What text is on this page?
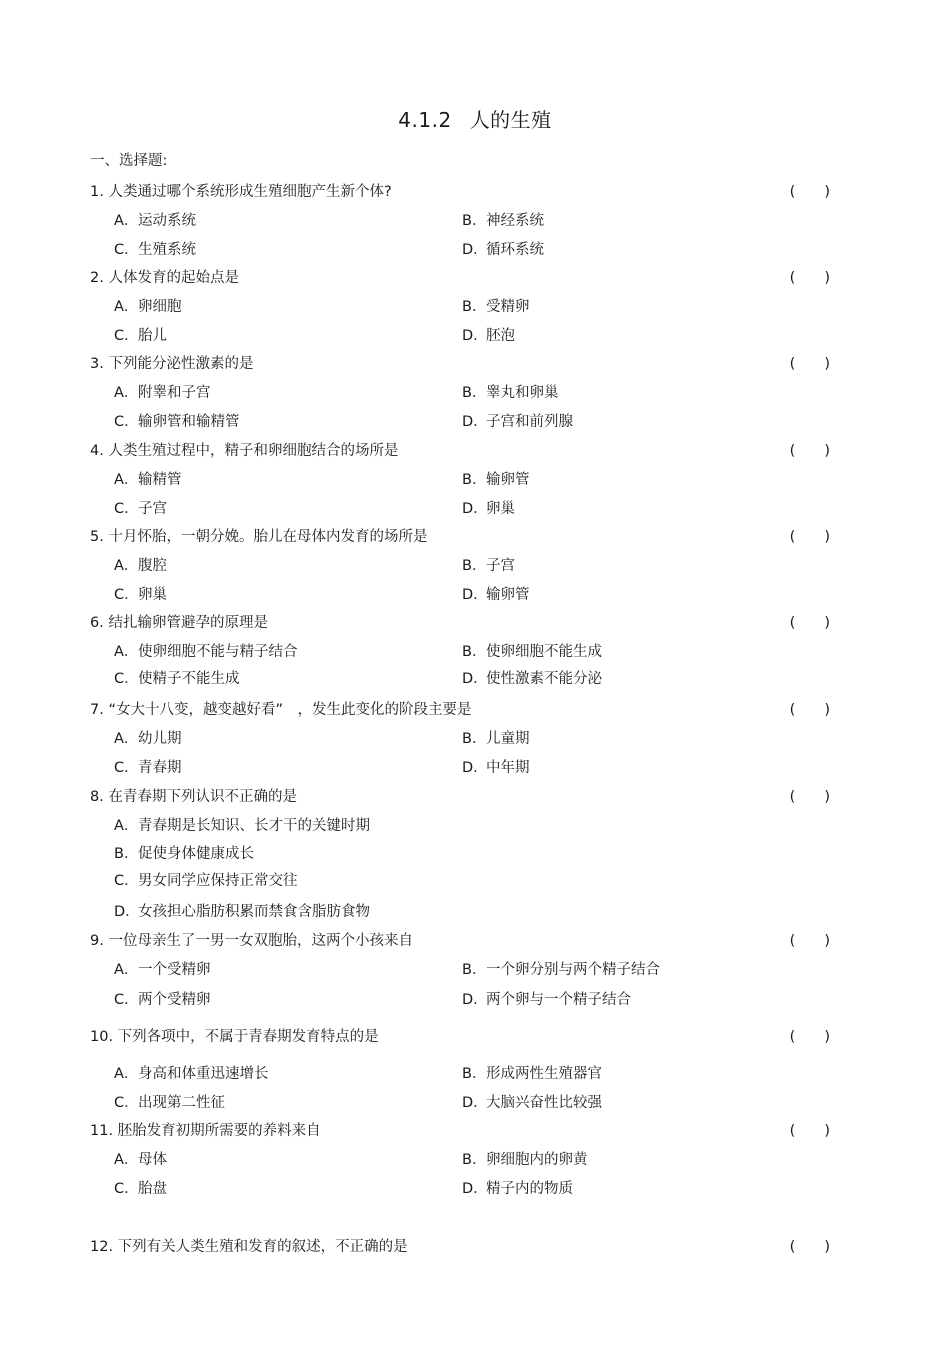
4.1.2 人的生殖
一、选择题:
1. 人类通过哪个系统形成生殖细胞产生新个体?	(　　)
A．运动系统	B．神经系统
C．生殖系统	D．循环系统
2. 人体发育的起始点是	(　　)
A．卵细胞	B．受精卵
C．胎儿	D．胚泡
3. 下列能分泌性激素的是	(　　)
A．附睾和子宫	B．睾丸和卵巢
C．输卵管和输精管	D．子宫和前列腺
4. 人类生殖过程中，精子和卵细胞结合的场所是	(　　)
A．输精管	B．输卵管
C．子宫	D．卵巢
5. 十月怀胎，一朝分娩。胎儿在母体内发育的场所是	(　　)
A．腹腔	B．子宫
C．卵巢	D．输卵管
6. 结扎输卵管避孕的原理是	(　　)
A．使卵细胞不能与精子结合	B．使卵细胞不能生成
C．使精子不能生成	D．使性激素不能分泌
7. “女大十八变，越变越好看”　，发生此变化的阶段主要是	(　　)
A．幼儿期	B．儿童期
C．青春期	D．中年期
8. 在青春期下列认识不正确的是	(　　)
A．青春期是长知识、长才干的关键时期
B．促使身体健康成长
C．男女同学应保持正常交往
D．女孩担心脂肪积累而禁食含脂肪食物
9. 一位母亲生了一男一女双胞胎，这两个小孩来自	(　　)
A．一个受精卵	B．一个卵分别与两个精子结合
C．两个受精卵	D．两个卵与一个精子结合
10. 下列各项中，不属于青春期发育特点的是	(　　)
A．身高和体重迅速增长	B．形成两性生殖器官
C．出现第二性征	D．大脑兴奋性比较强
11. 胚胎发育初期所需要的养料来自	(　　)
A．母体	B．卵细胞内的卵黄
C．胎盘	D．精子内的物质
12. 下列有关人类生殖和发育的叙述，不正确的是	(　　)
